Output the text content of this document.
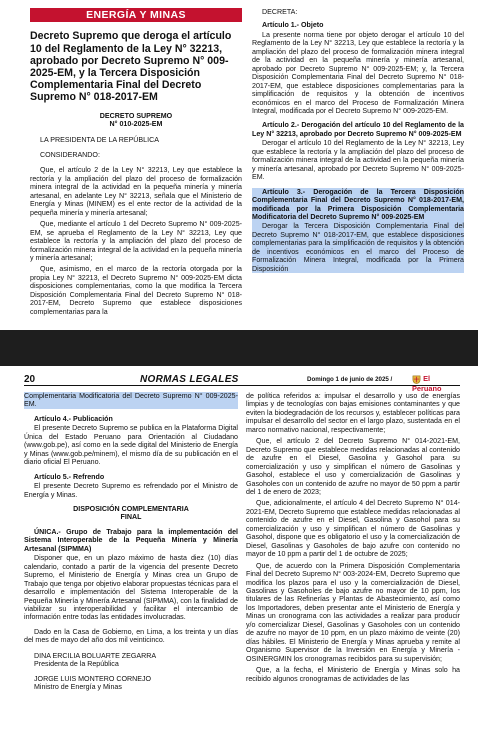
ENERGÍA Y MINAS
Decreto Supremo que deroga el artículo 10 del Reglamento de la Ley N° 32213, aprobado por Decreto Supremo N° 009-2025-EM, y la Tercera Disposición Complementaria Final del Decreto Supremo N° 018-2017-EM
DECRETO SUPREMO
N° 010-2025-EM

LA PRESIDENTA DE LA REPÚBLICA

CONSIDERANDO:

Que, el artículo 2 de la Ley N° 32213, Ley que establece la rectoría y la ampliación del plazo del proceso de formalización minera integral de la actividad en la pequeña minería y minería artesanal, en adelante Ley N° 32213, señala que el Ministerio de Energía y Minas (MINEM) es el ente rector de la actividad de la pequeña minería y minería artesanal;

Que, mediante el artículo 1 del Decreto Supremo N° 009-2025-EM, se aprueba el Reglamento de la Ley N° 32213, Ley que establece la rectoría y la ampliación del plazo del proceso de formalización minera integral de la actividad en la pequeña minería y minería artesanal;

Que, asimismo, en el marco de la rectoría otorgada por la propia Ley N° 32213, el Decreto Supremo N° 009-2025-EM dicta disposiciones complementarias, como la que modifica la Tercera Disposición Complementaria Final del Decreto Supremo N° 018-2017-EM, Decreto Supremo que establece disposiciones complementarias para la

DECRETA:

Artículo 1.- Objeto

La presente norma tiene por objeto derogar el artículo 10 del Reglamento de la Ley N° 32213, Ley que establece la rectoría y la ampliación del plazo del proceso de formalización minera integral de la actividad en la pequeña minería y minería artesanal, aprobado por Decreto Supremo N° 009-2025-EM; y, la Tercera Disposición Complementaria Final del Decreto Supremo N° 018-2017-EM, que establece disposiciones complementarias para la simplificación de requisitos y la obtención de incentivos económicos en el marco del Proceso de Formalización Minera Integral, modificada por el Decreto Supremo N° 009-2025-EM.

Artículo 2.- Derogación del artículo 10 del Reglamento de la Ley N° 32213, aprobado por Decreto Supremo N° 009-2025-EM

Derogar el artículo 10 del Reglamento de la Ley N° 32213, Ley que establece la rectoría y la ampliación del plazo del proceso de formalización minera integral de la actividad en la pequeña minería y minería artesanal, aprobado por Decreto Supremo N° 009-2025-EM.

Artículo 3.- Derogación de la Tercera Disposición Complementaria Final del Decreto Supremo N° 018-2017-EM, modificada por la Primera Disposición Complementaria Modificatoria del Decreto Supremo N° 009-2025-EM

Derogar la Tercera Disposición Complementaria Final del Decreto Supremo N° 018-2017-EM, que establece disposiciones complementarias para la simplificación de requisitos y la obtención de incentivos económicos en el marco del Proceso de Formalización Minera Integral, modificada por la Primera Disposición

20	NORMAS LEGALES	Domingo 1 de junio de 2025 /	El Peruano

Complementaria Modificatoria del Decreto Supremo N° 009-2025-EM.

Artículo 4.- Publicación

El presente Decreto Supremo se publica en la Plataforma Digital Única del Estado Peruano para Orientación al Ciudadano (www.gob.pe), así como en la sede digital del Ministerio de Energía y Minas (www.gob.pe/minem), el mismo día de su publicación en el diario oficial El Peruano.

Artículo 5.- Refrendo

El presente Decreto Supremo es refrendado por el Ministro de Energía y Minas.

DISPOSICIÓN COMPLEMENTARIA
FINAL

ÚNICA.- Grupo de Trabajo para la implementación del Sistema Interoperable de la Pequeña Minería y Minería Artesanal (SIPMMA)

Disponer que, en un plazo máximo de hasta diez (10) días calendario, contado a partir de la vigencia del presente Decreto Supremo, el Ministerio de Energía y Minas crea un Grupo de Trabajo que tenga por objetivo elaborar propuestas técnicas para el desarrollo e implementación del Sistema Interoperable de la Pequeña Minería y Minería Artesanal (SIPMMA), con la finalidad de viabilizar su interoperabilidad y facilitar el intercambio de información entre todas las entidades involucradas.

Dado en la Casa de Gobierno, en Lima, a los treinta y un días del mes de mayo del año dos mil veinticinco.

DINA ERCILIA BOLUARTE ZEGARRA

Presidenta de la República

JORGE LUIS MONTERO CORNEJO

Ministro de Energía y Minas

de política referidos a: impulsar el desarrollo y uso de energías limpias y de tecnologías con bajas emisiones contaminantes y que eviten la biodegradación de los recursos y, establecer políticas para impulsar el desarrollo del sector en el largo plazo, sustentada en el marco normativo nacional, respectivamente;

Que, el artículo 2 del Decreto Supremo N° 014-2021-EM, Decreto Supremo que establece medidas relacionadas al contenido de azufre en el Diesel, Gasolina y Gasohol para su comercialización y uso y simplifican el número de Gasolinas y Gasohol, establece el uso y comercialización de Gasolinas y Gasoholes con un contenido de azufre no mayor de 50 ppm a partir del 1 de enero de 2023;

Que, adicionalmente, el artículo 4 del Decreto Supremo N° 014-2021-EM, Decreto Supremo que establece medidas relacionadas al contenido de azufre en el Diesel, Gasolina y Gasohol para su comercialización y uso y simplifican el número de Gasolinas y Gasohol, dispone que es obligatorio el uso y la comercialización de Diesel, Gasolinas y Gasoholes de bajo azufre con contenido no mayor de 10 ppm a partir del 1 de octubre de 2025;

Que, de acuerdo con la Primera Disposición Complementaria Final del Decreto Supremo N° 003-2024-EM, Decreto Supremo que modifica los plazos para el uso y la comercialización de Diesel, Gasolinas y Gasoholes de bajo azufre no mayor de 10 ppm, los titulares de las Refinerías y Plantas de Abastecimiento, así como los Importadores, deben presentar ante el Ministerio de Energía y Minas un cronograma con las actividades a realizar para producir y/o comercializar Diesel, Gasolinas y Gasoholes con un contenido de azufre no mayor de 10 ppm, en un plazo máximo de veinte (20) días hábiles. El Ministerio de Energía y Minas aprueba y remite al Organismo Supervisor de la Inversión en Energía y Minería - OSINERGMIN los cronogramas recibidos para su supervisión;

Que, a la fecha, el Ministerio de Energía y Minas solo ha recibido algunos cronogramas de actividades de las
